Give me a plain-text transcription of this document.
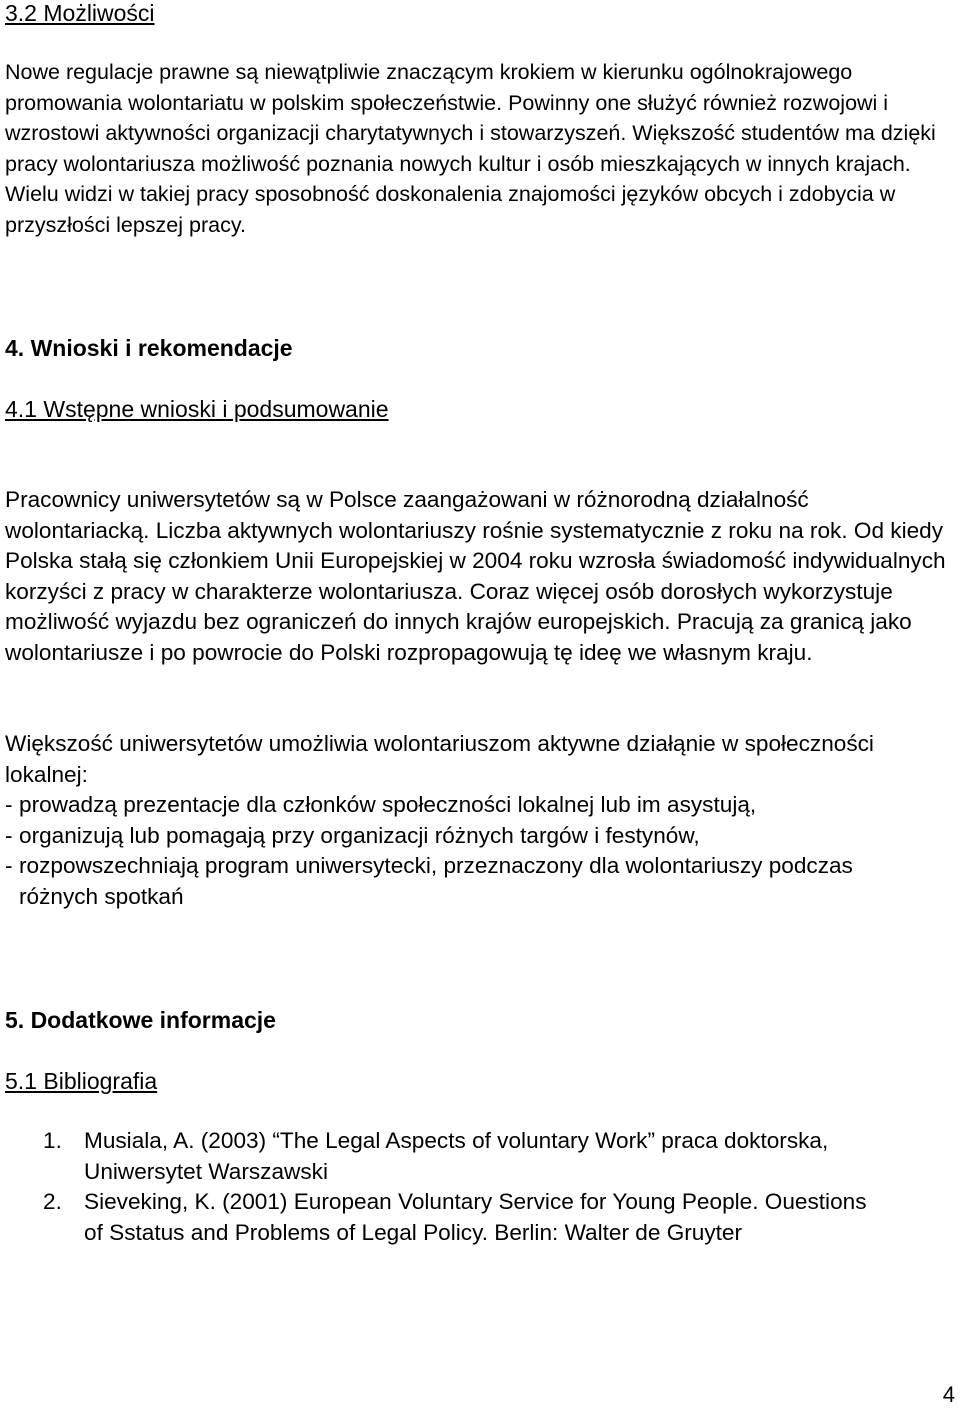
3.2 Możliwości

Nowe regulacje prawne są niewątpliwie znaczącym krokiem w kierunku ogólnokrajowego promowania wolontariatu w polskim społeczeństwie. Powinny one służyć również rozwojowi i wzrostowi aktywności organizacji charytatywnych i stowarzyszeń. Większość studentów ma dzięki pracy wolontariusza możliwość poznania nowych kultur i osób mieszkających w innych krajach. Wielu widzi w takiej pracy sposobność doskonalenia znajomości języków obcych i zdobycia w przyszłości lepszej pracy.

4. Wnioski i rekomendacje
4.1 Wstępne wnioski i podsumowanie

Pracownicy uniwersytetów są w Polsce zaangażowani w różnorodną działalność wolontariacką. Liczba aktywnych wolontariuszy rośnie systematycznie z roku na rok. Od kiedy Polska stałą się członkiem Unii Europejskiej w 2004 roku wzrosła świadomość indywidualnych korzyści z pracy w charakterze wolontariusza. Coraz więcej osób dorosłych wykorzystuje możliwość wyjazdu bez ograniczeń do innych krajów europejskich. Pracują za granicą jako wolontariusze i po powrocie do Polski rozpropagowują tę ideę we własnym kraju.

Większość uniwersytetów umożliwia wolontariuszom aktywne działąnie w społeczności lokalnej:

- prowadzą prezentacje dla członków społeczności lokalnej lub im asystują,
- organizują lub pomagają przy organizacji różnych targów i festynów,
- rozpowszechniają program uniwersytecki, przeznaczony dla wolontariuszy podczas różnych spotkań
5. Dodatkowe informacje
5.1 Bibliografia
1. Musiala, A. (2003) “The Legal Aspects of voluntary Work” praca doktorska, Uniwersytet Warszawski
2. Sieveking, K. (2001) European Voluntary Service for Young People. Ouestions of Sstatus and Problems of Legal Policy. Berlin: Walter de Gruyter
4
